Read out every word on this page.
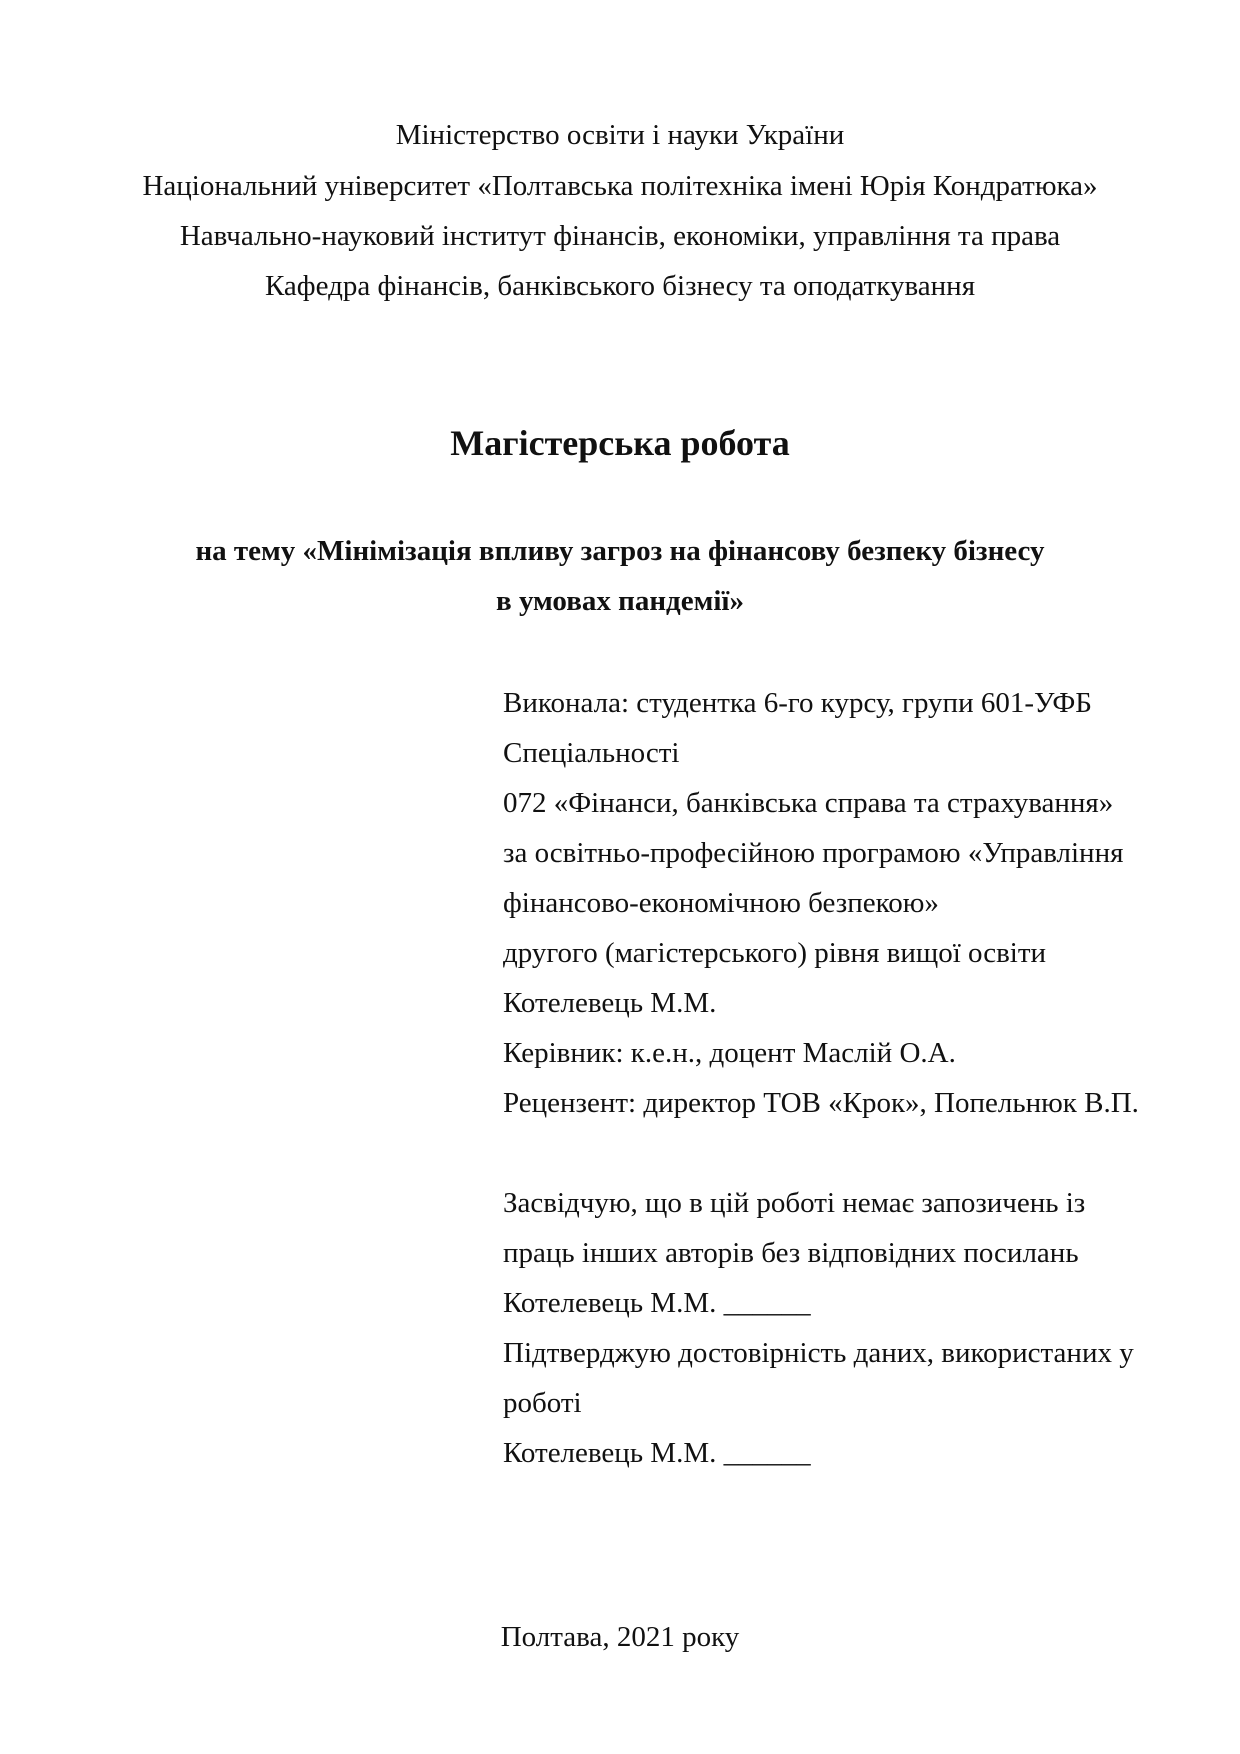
Міністерство освіти і науки України
Національний університет «Полтавська політехніка імені Юрія Кондратюка»
Навчально-науковий інститут фінансів, економіки, управління та права
Кафедра фінансів, банківського бізнесу та оподаткування
Магістерська робота
на тему «Мінімізація впливу загроз на фінансову безпеку бізнесу
в умовах пандемії»
Виконала: студентка 6-го курсу, групи 601-УФБ
Спеціальності
072 «Фінанси, банківська справа та страхування»
за освітньо-професійною програмою «Управління
фінансово-економічною безпекою»
другого (магістерського) рівня вищої освіти
Котелевець М.М.
Керівник: к.е.н., доцент Маслій О.А.
Рецензент: директор ТОВ «Крок», Попельнюк В.П.
Засвідчую, що в цій роботі немає запозичень із
праць інших авторів без відповідних посилань
Котелевець М.М. ______
Підтверджую достовірність даних, використаних у
роботі
Котелевець М.М. ______
Полтава, 2021 року
